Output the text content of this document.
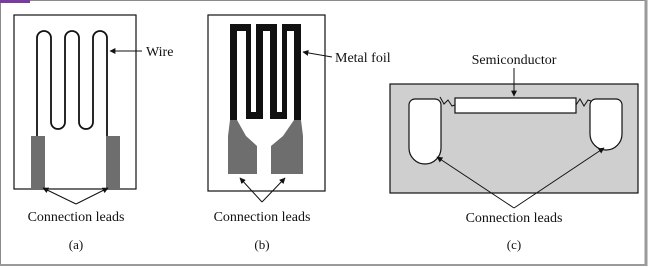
Wire
Connection leads
(a)
Metal foil
Connection leads
(b)
Semiconductor
Connection leads
(c)
